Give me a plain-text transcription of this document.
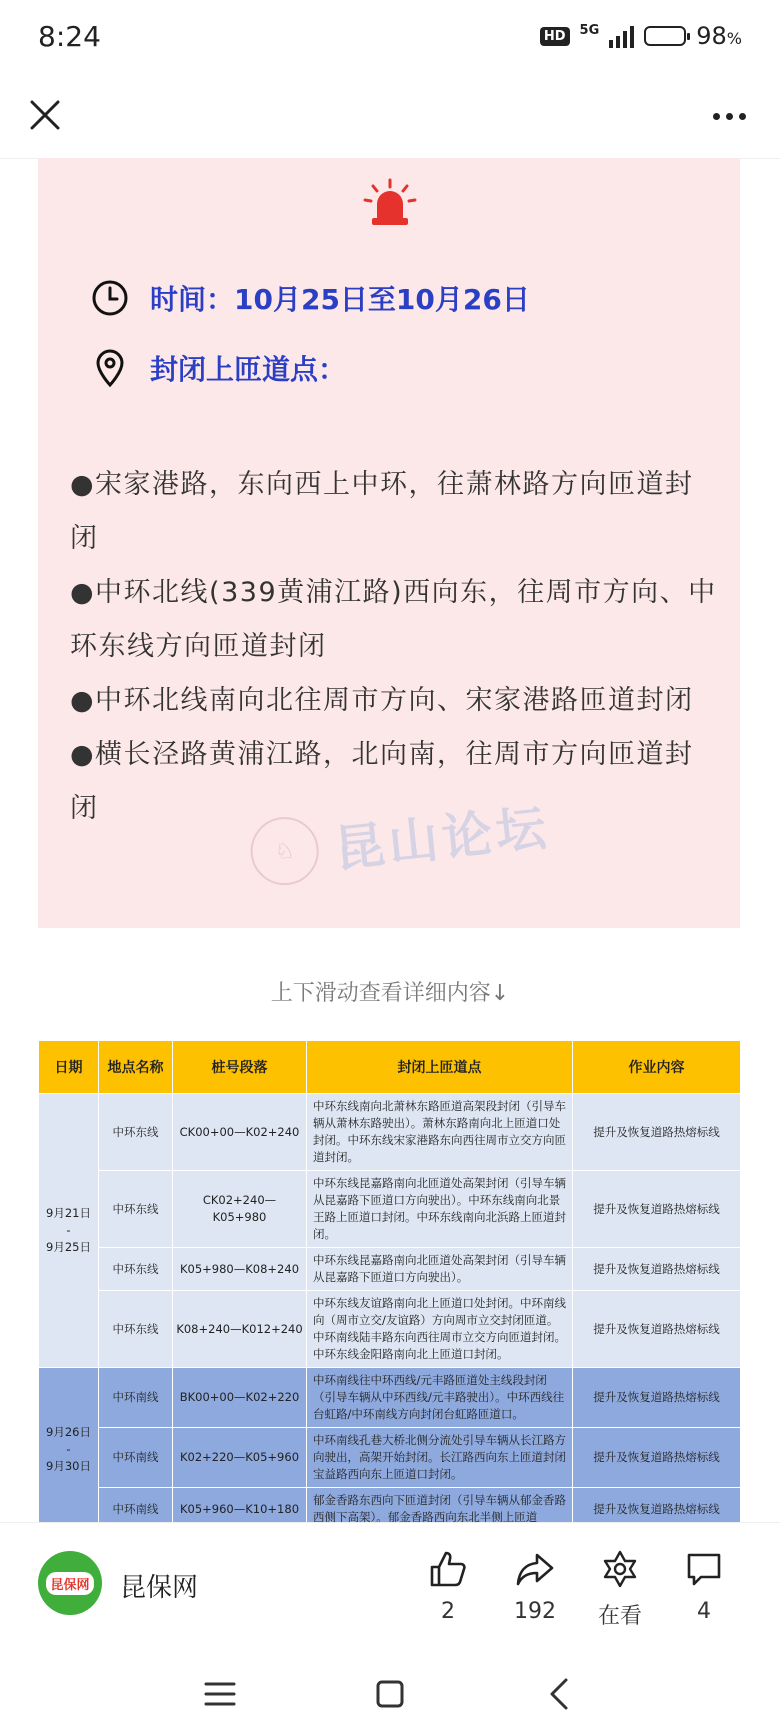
8:24	HD	5G	98%
时间：10月25日至10月26日
封闭上匝道点：

●宋家港路，东向西上中环，往萧林路方向匝道封闭

●中环北线(339黄浦江路)西向东，往周市方向、中环东线方向匝道封闭

●中环北线南向北往周市方向、宋家港路匝道封闭

●横长泾路黄浦江路，北向南，往周市方向匝道封闭

♘ 昆山论坛
上下滑动查看详细内容↓
日期	地点名称	桩号段落	封闭上匝道点	作业内容
9月21日
-
9月25日	中环东线	CK00+00—K02+240	中环东线南向北萧林东路匝道高架段封闭（引导车辆从萧林东路驶出）。萧林东路南向北上匝道口处封闭。中环东线宋家港路东向西往周市立交方向匝道封闭。	提升及恢复道路热熔标线
	中环东线	CK02+240—K05+980	中环东线昆嘉路南向北匝道处高架封闭（引导车辆从昆嘉路下匝道口方向驶出）。中环东线南向北景王路上匝道口封闭。中环东线南向北浜路上匝道封闭。	提升及恢复道路热熔标线
	中环东线	K05+980—K08+240	中环东线昆嘉路南向北匝道处高架封闭（引导车辆从昆嘉路下匝道口方向驶出）。	提升及恢复道路热熔标线
	中环东线	K08+240—K012+240	中环东线友谊路南向北上匝道口处封闭。中环南线向（周市立交/友谊路）方向周市立交封闭匝道。中环南线陆丰路东向西往周市立交方向匝道封闭。中环东线金阳路南向北上匝道口封闭。	提升及恢复道路热熔标线
9月26日
-
9月30日	中环南线	BK00+00—K02+220	中环南线往中环西线/元丰路匝道处主线段封闭（引导车辆从中环西线/元丰路驶出）。中环西线往台虹路/中环南线方向封闭台虹路匝道口。	提升及恢复道路热熔标线
	中环南线	K02+220—K05+960	中环南线孔巷大桥北侧分流处引导车辆从长江路方向驶出，高架开始封闭。长江路西向东上匝道封闭宝益路西向东上匝道口封闭。	提升及恢复道路热熔标线
	中环南线	K05+960—K10+180	郁金香路东西向下匝道封闭（引导车辆从郁金香路西侧下高架）。郁金香路西向东北半侧上匝道	提升及恢复道路热熔标线
昆保网 昆保网
2	192	在看	4
